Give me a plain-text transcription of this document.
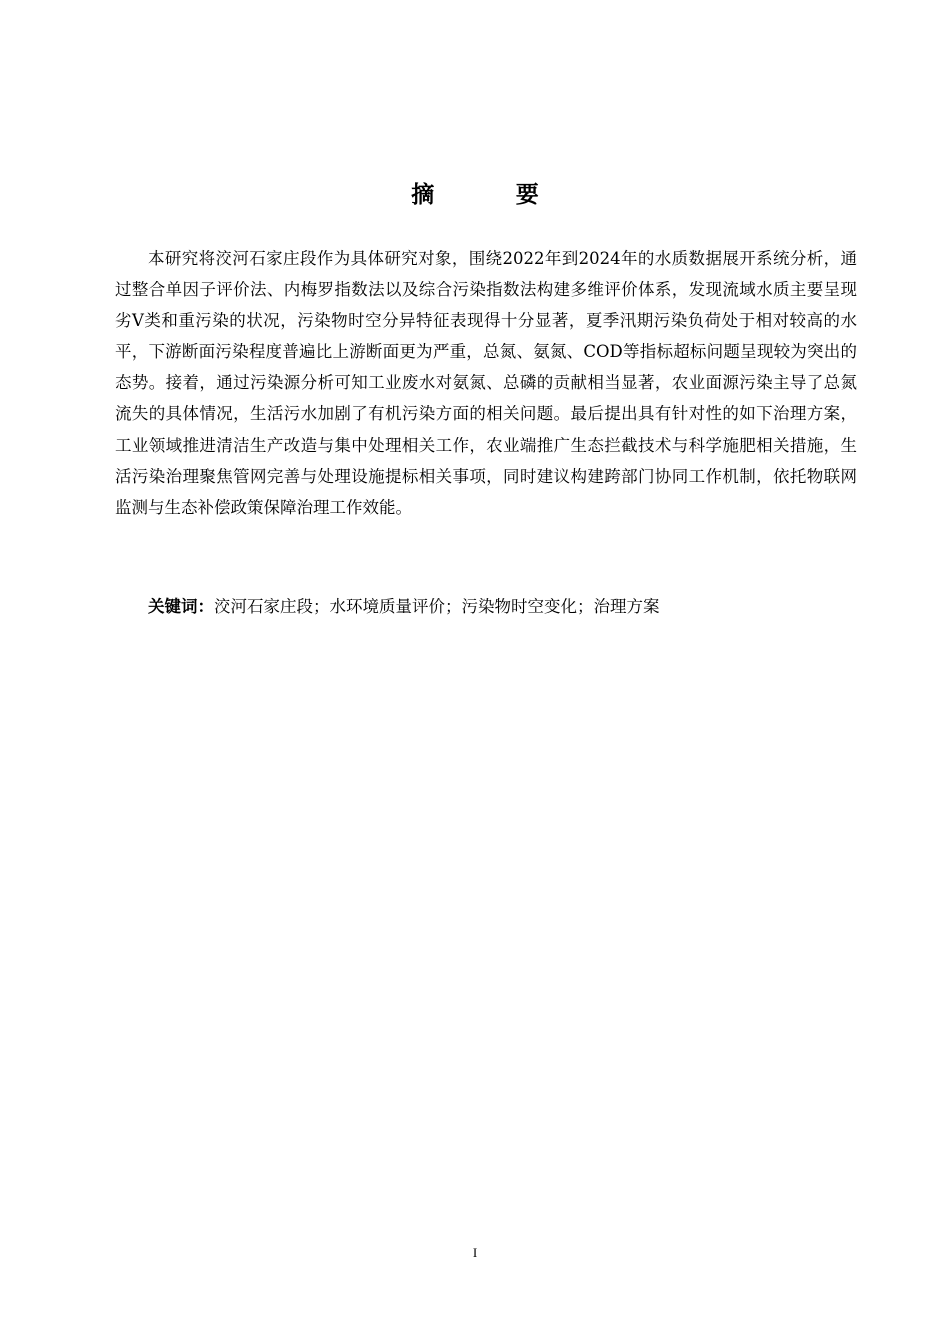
摘 要

本研究将洨河石家庄段作为具体研究对象，围绕2022年到2024年的水质数据展开系统分析，通过整合单因子评价法、内梅罗指数法以及综合污染指数法构建多维评价体系，发现流域水质主要呈现劣Ⅴ类和重污染的状况，污染物时空分异特征表现得十分显著，夏季汛期污染负荷处于相对较高的水平，下游断面污染程度普遍比上游断面更为严重，总氮、氨氮、COD等指标超标问题呈现较为突出的态势。接着，通过污染源分析可知工业废水对氨氮、总磷的贡献相当显著，农业面源污染主导了总氮流失的具体情况，生活污水加剧了有机污染方面的相关问题。最后提出具有针对性的如下治理方案，工业领域推进清洁生产改造与集中处理相关工作，农业端推广生态拦截技术与科学施肥相关措施，生活污染治理聚焦管网完善与处理设施提标相关事项，同时建议构建跨部门协同工作机制，依托物联网监测与生态补偿政策保障治理工作效能。

关键词：洨河石家庄段；水环境质量评价；污染物时空变化；治理方案

I
